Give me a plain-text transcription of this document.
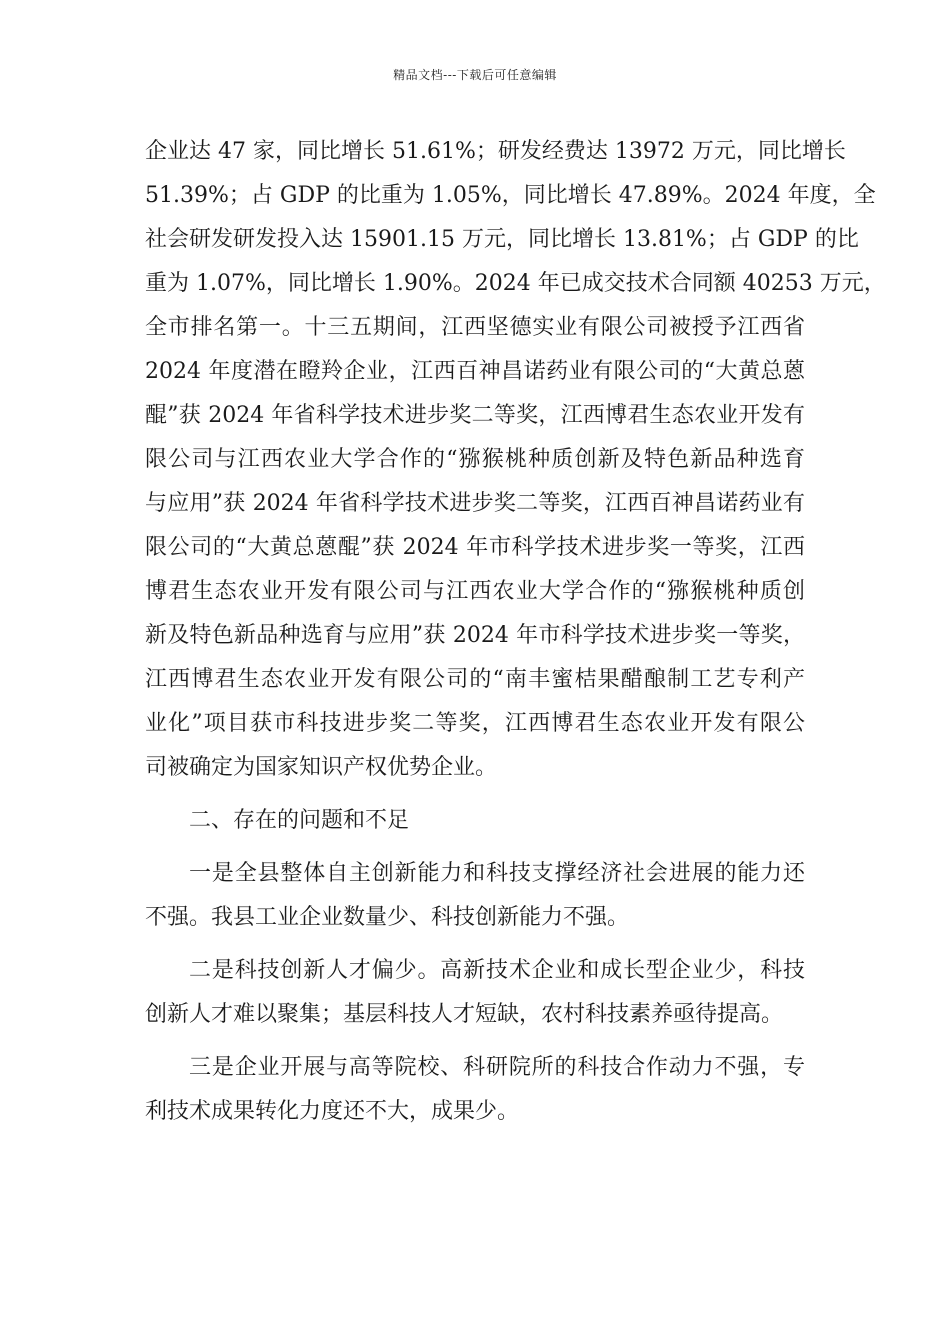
精品文档---下载后可任意编辑
企业达 47 家，同比增长 51.61%；研发经费达 13972 万元，同比增长
51.39%；占 GDP 的比重为 1.05%，同比增长 47.89%。2024 年度，全
社会研发研发投入达 15901.15 万元，同比增长 13.81%；占 GDP 的比
重为 1.07%，同比增长 1.90%。2024 年已成交技术合同额 40253 万元，
全市排名第一。十三五期间，江西坚德实业有限公司被授予江西省
2024 年度潜在瞪羚企业，江西百神昌诺药业有限公司的“大黄总蒽
醌”获 2024 年省科学技术进步奖二等奖，江西博君生态农业开发有
限公司与江西农业大学合作的“猕猴桃种质创新及特色新品种选育
与应用”获 2024 年省科学技术进步奖二等奖，江西百神昌诺药业有
限公司的“大黄总蒽醌”获 2024 年市科学技术进步奖一等奖，江西
博君生态农业开发有限公司与江西农业大学合作的“猕猴桃种质创
新及特色新品种选育与应用”获 2024 年市科学技术进步奖一等奖，
江西博君生态农业开发有限公司的“南丰蜜桔果醋酿制工艺专利产
业化”项目获市科技进步奖二等奖，江西博君生态农业开发有限公
司被确定为国家知识产权优势企业。
二、存在的问题和不足
一是全县整体自主创新能力和科技支撑经济社会进展的能力还
不强。我县工业企业数量少、科技创新能力不强。
二是科技创新人才偏少。高新技术企业和成长型企业少，科技
创新人才难以聚集；基层科技人才短缺，农村科技素养亟待提高。
三是企业开展与高等院校、科研院所的科技合作动力不强，专
利技术成果转化力度还不大，成果少。
